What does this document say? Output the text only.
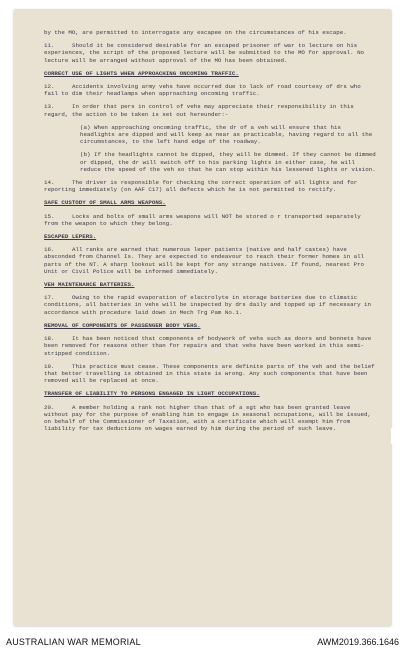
by the MO, are permitted to interrogate any escapee on the circumstances of his escape.

11.	Should it be considered desirable for an escaped prisoner of war to lecture on his experiences, the script of the proposed lecture will be submitted to the MO for approval. No lecture will be arranged without approval of the MO has been obtained.

CORRECT USE OF LIGHTS WHEN APPROACHING ONCOMING TRAFFIC.

12.	Accidents involving army vehs have occurred due to lack of road courtesy of drs who fail to dim their headlamps when approaching oncoming traffic.

13.	In order that pers in control of vehs may appreciate their responsibility in this regard, the action to be taken is set out hereunder:-

(a) When approaching oncoming traffic, the dr of a veh will ensure that his headlights are dipped and will keep as near as practicable, having regard to all the circumstances, to the left hand edge of the roadway.

(b) If the headlights cannot be dipped, they will be dimmed. If they cannot be dimmed or dipped, the dr will switch off to his parking lights in either case, he will reduce the speed of the veh so that he can stop within his lessened lights or vision.

14.	The driver is responsible for checking the correct operation of all lights and for reporting immediately (on AAF C17) all defects which he is not permitted to rectify.

SAFE CUSTODY OF SMALL ARMS WEAPONS.

15.	Locks and bolts of small arms weapons will NOT be stored o r transported separately from the weapon to which they belong.

ESCAPED LEPERS.

16.	All ranks are warned that numerous leper patients (native and half castes) have absconded from Channel Is. They are expected to endeavour to reach their former homes in all parts of the NT. A sharp lookout will be kept for any strange natives. If found, nearest Pro Unit or Civil Police will be informed immediately.

VEH MAINTENANCE BATTERIES.

17.	Owing to the rapid evaporation of electrolyte in storage batteries due to climatic conditions, all batteries in vehs will be inspected by drs daily and topped up if necessary in accordance with procedure laid down in Mech Trg Pam No.1.

REMOVAL OF COMPONENTS OF PASSENGER BODY VEHS.

18.	It has been noticed that components of bodywork of vehs such as doors and bonnets have been removed for reasons other than for repairs and that vehs have been worked in this semi-stripped condition.

19.	This practice must cease. These components are definite parts of the veh and the belief that better travelling is obtained in this state is wrong. Any such components that have been removed will be replaced at once.

TRANSFER OF LIABILITY TO PERSONS ENGAGED IN LIGHT OCCUPATIONS.

20.	A member holding a rank not higher than that of a sgt who has been granted leave without pay for the purpose of enabling him to engage in seasonal occupations, will be issued, on behalf of the Commissioner of Taxation, with a certificate which will exempt him from liability for tax deductions on wages earned by him during the period of such leave.

AUSTRALIAN WAR MEMORIAL	AWM2019.366.1646
